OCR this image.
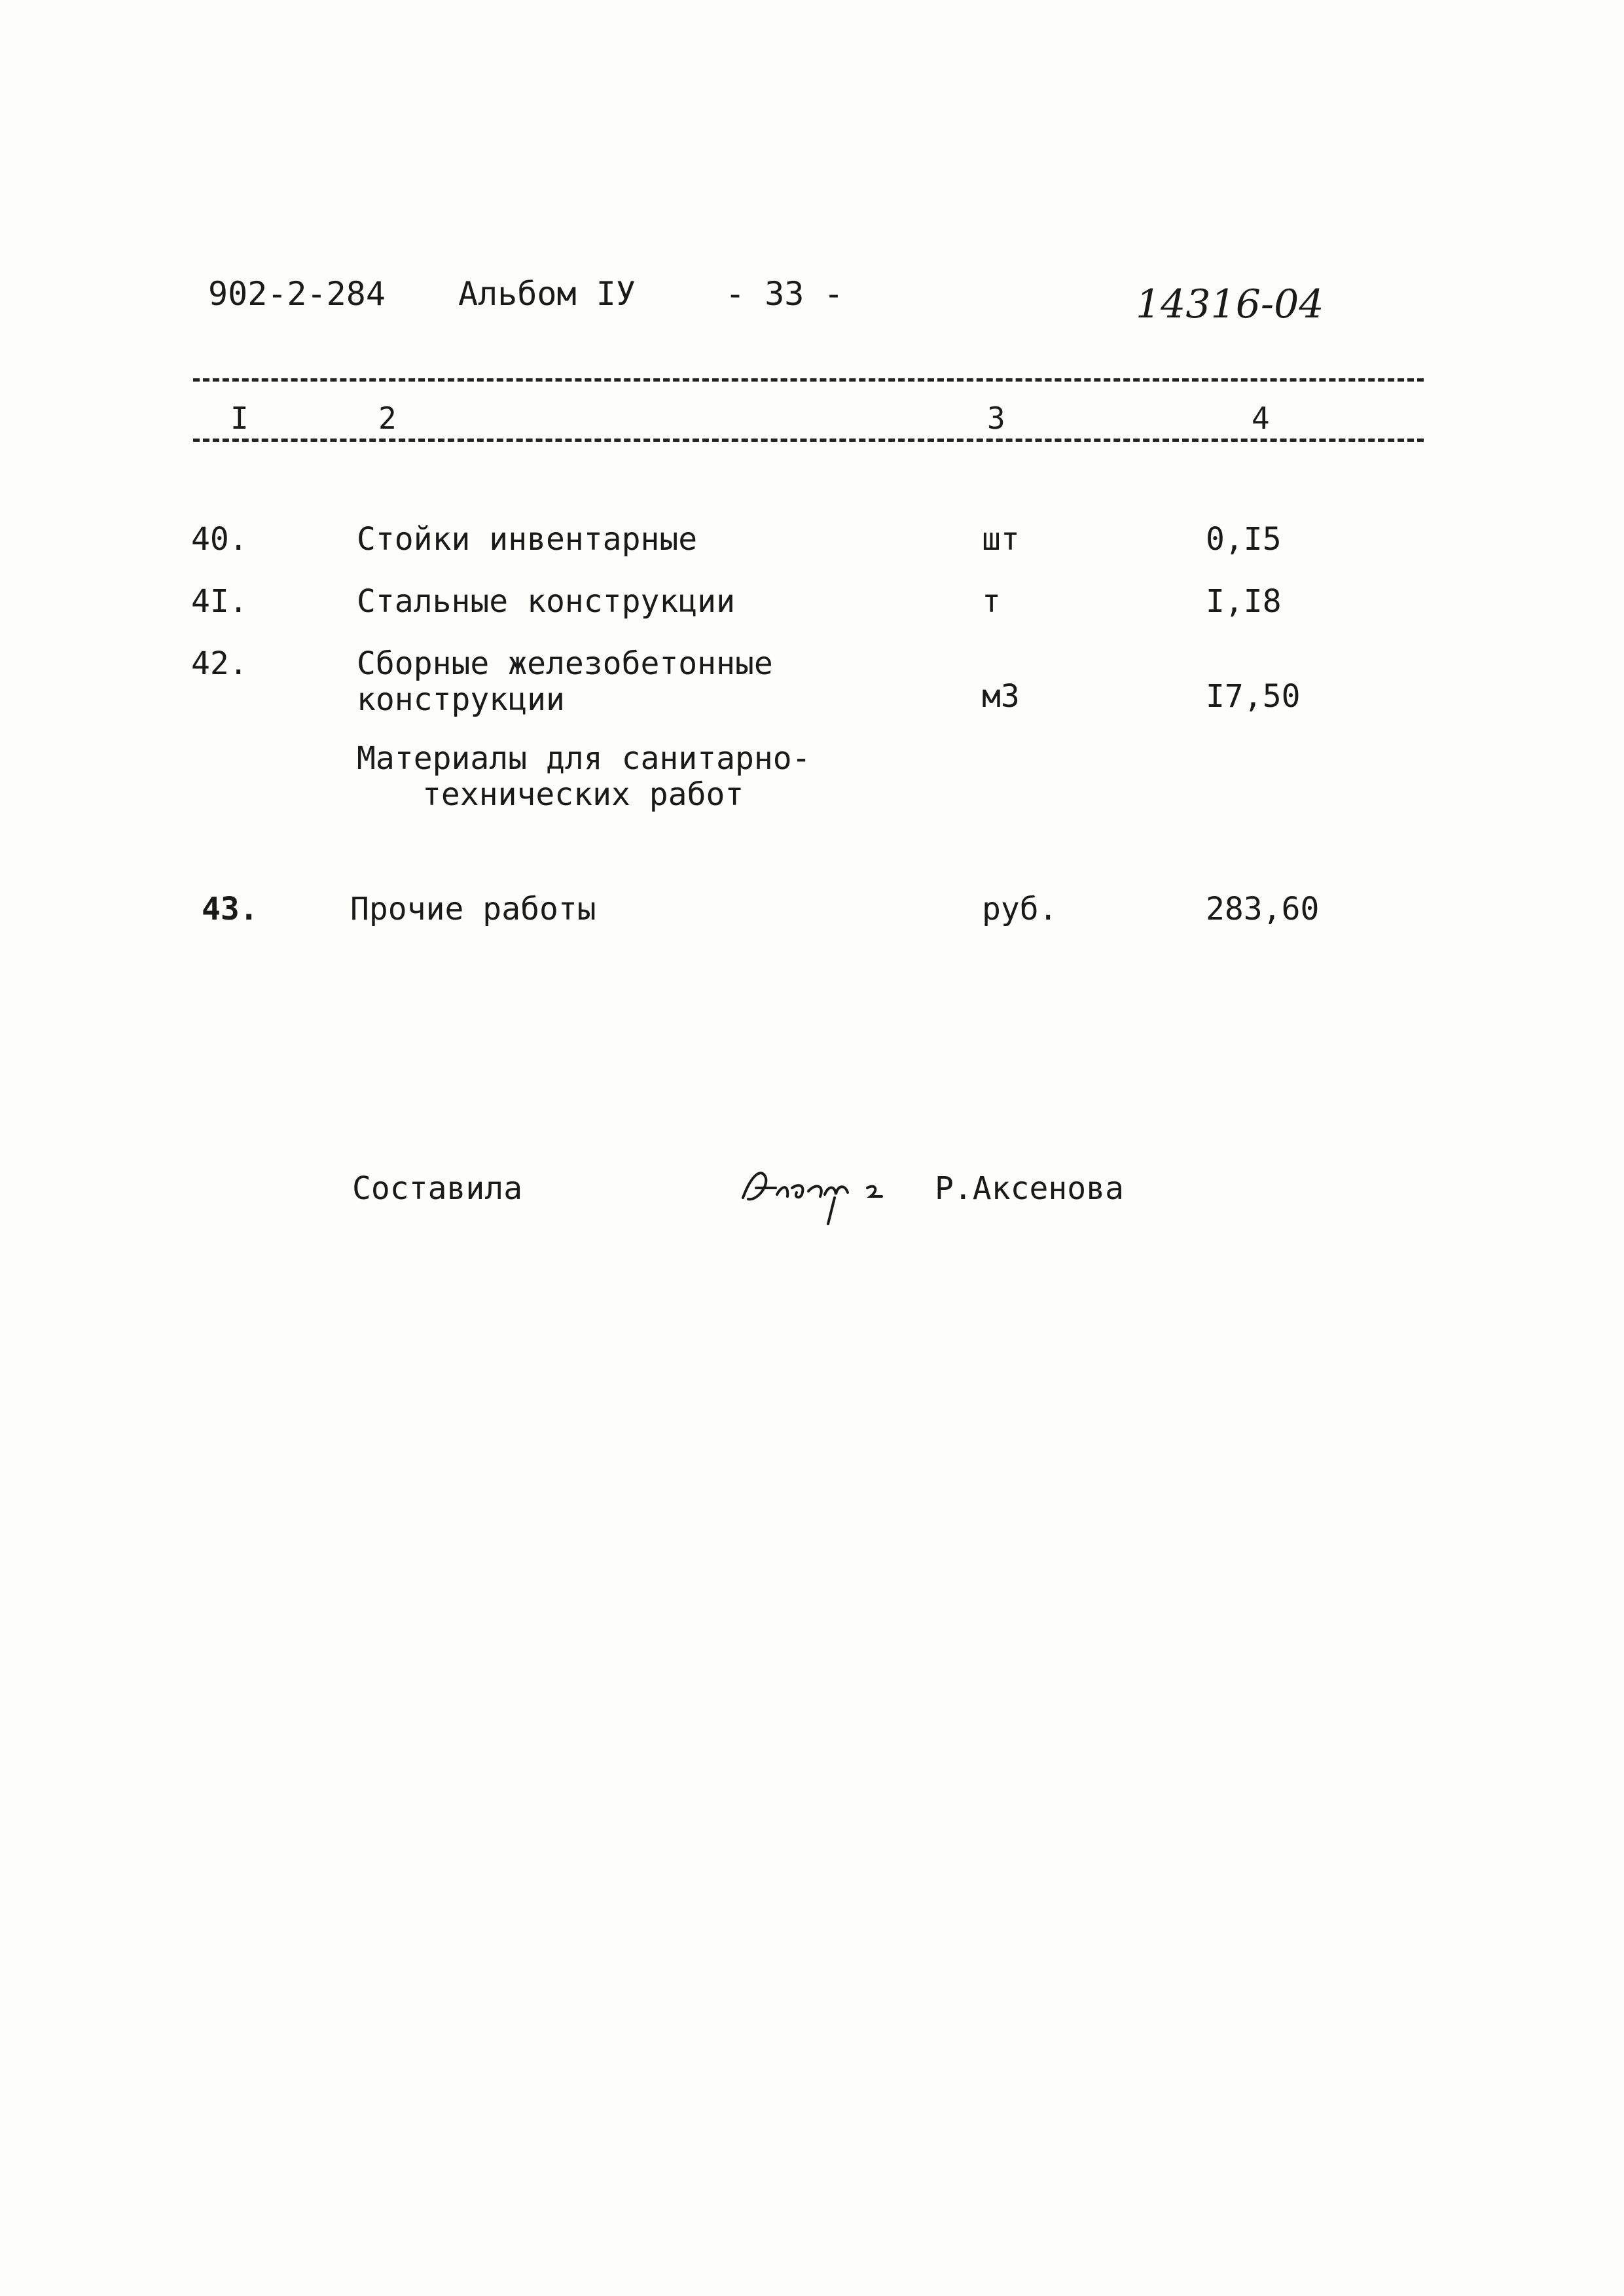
902-2-284 Альбом IУ	- 33 -	14316-04
I	2	3	4
40.	Стойки инвентарные	шт	0,I5
4I.	Стальные конструкции	т	I,I8
42.	Сборные железобетонные
конструкции	м3	I7,50
Материалы для санитарно-
технических работ
43.	Прочие работы	руб.	283,60
Составила	Р.Аксенова
